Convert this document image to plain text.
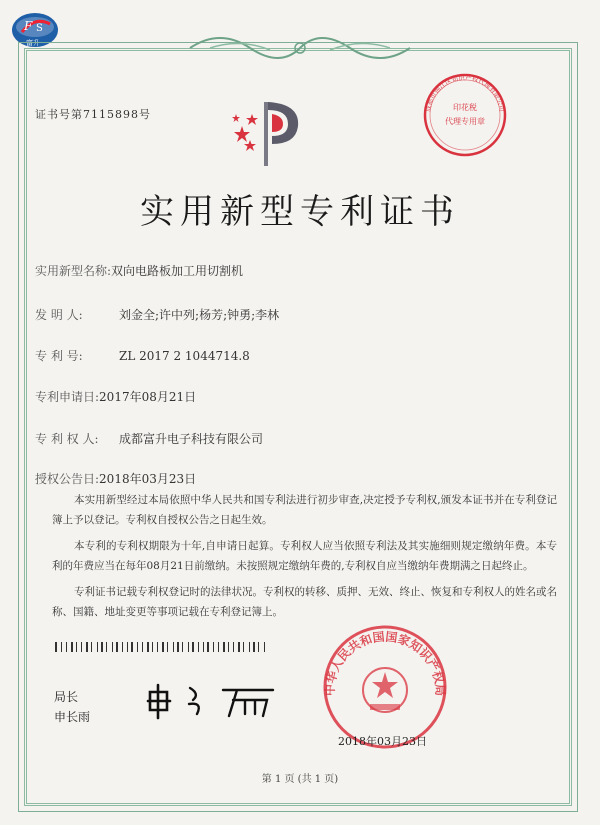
F S
富升
证书号第7115898号
印花税
代理专用章
成都市锦江区知识产权代理有限公司
实用新型专利证书
实用新型名称:双向电路板加工用切割机
发 明 人:	刘金全;许中列;杨芳;钟勇;李林
专 利 号:	ZL 2017 2 1044714.8
专利申请日:2017年08月21日
专 利 权 人: 成都富升电子科技有限公司
授权公告日:2018年03月23日

本实用新型经过本局依照中华人民共和国专利法进行初步审查,决定授予专利权,颁发本证书并在专利登记簿上予以登记。专利权自授权公告之日起生效。

本专利的专利权期限为十年,自申请日起算。专利权人应当依照专利法及其实施细则规定缴纳年费。本专利的年费应当在每年08月21日前缴纳。未按照规定缴纳年费的,专利权自应当缴纳年费期满之日起终止。

专利证书记载专利权登记时的法律状况。专利权的转移、质押、无效、终止、恢复和专利权人的姓名或名称、国籍、地址变更等事项记载在专利登记簿上。

局长
申长雨
中华人民共和国国家知识产权局
2018年03月23日
第 1 页 (共 1 页)
